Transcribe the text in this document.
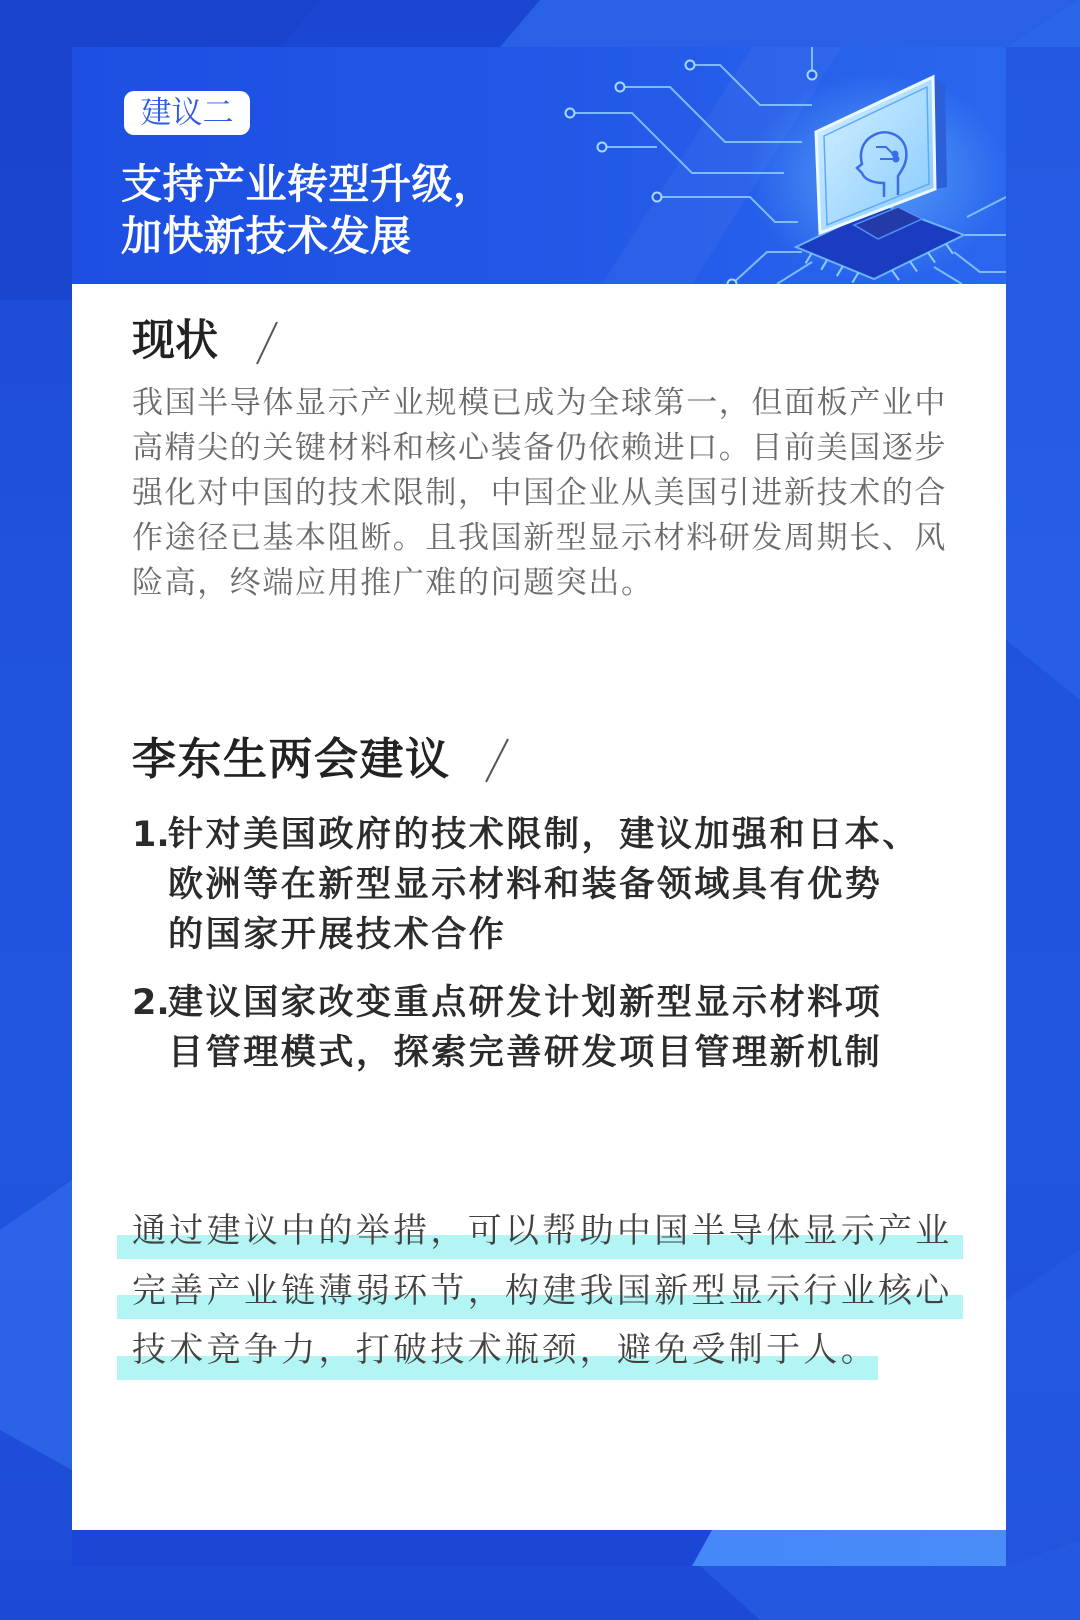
建议二
支持产业转型升级，
加快新技术发展
现状
我国半导体显示产业规模已成为全球第一，但面板产业中
高精尖的关键材料和核心装备仍依赖进口。目前美国逐步
强化对中国的技术限制，中国企业从美国引进新技术的合
作途径已基本阻断。且我国新型显示材料研发周期长、风
险高，终端应用推广难的问题突出。
李东生两会建议
1.
针对美国政府的技术限制，建议加强和日本、
欧洲等在新型显示材料和装备领域具有优势
的国家开展技术合作
2.
建议国家改变重点研发计划新型显示材料项
目管理模式，探索完善研发项目管理新机制
通过建议中的举措，可以帮助中国半导体显示产业
完善产业链薄弱环节，构建我国新型显示行业核心
技术竞争力，打破技术瓶颈，避免受制于人。
